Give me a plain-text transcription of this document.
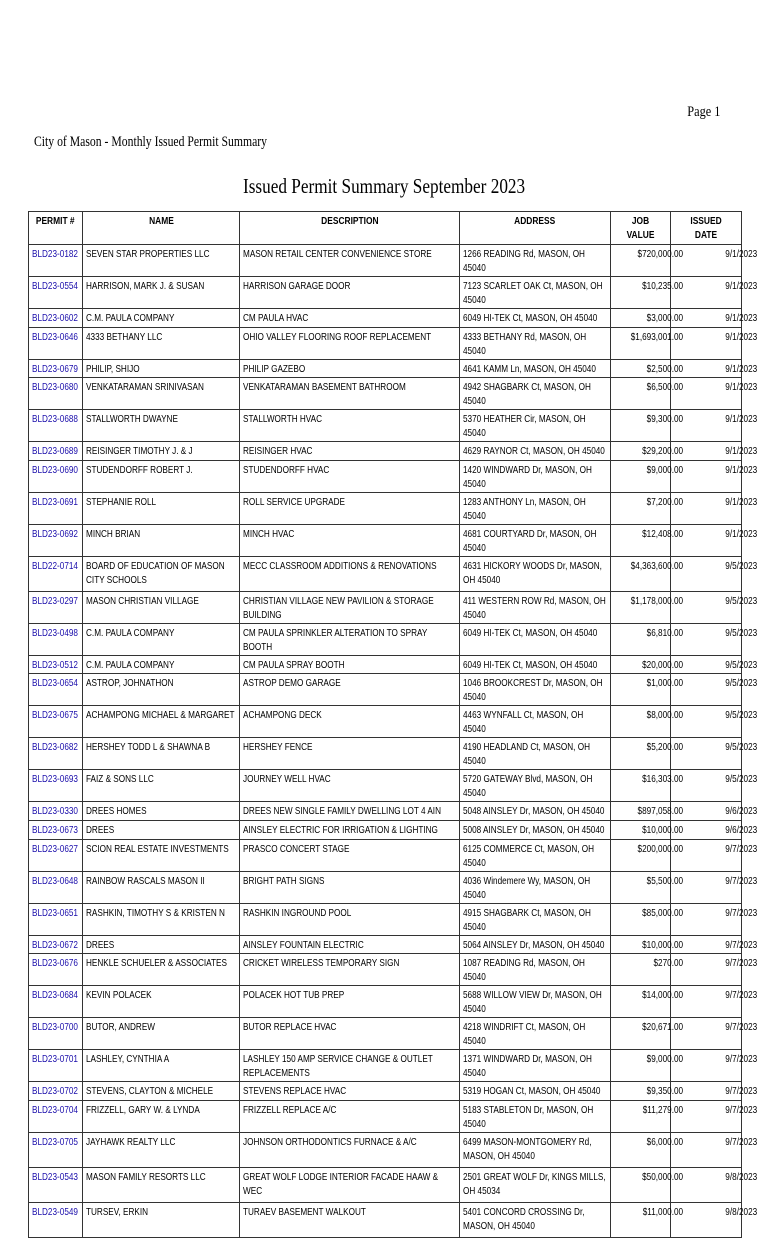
Page 1
City of Mason - Monthly Issued Permit Summary
Issued Permit Summary September 2023
PERMIT #	NAME	DESCRIPTION	ADDRESS	JOB VALUE	ISSUED DATE
BLD23-0182	SEVEN STAR PROPERTIES LLC	MASON RETAIL CENTER CONVENIENCE STORE	1266 READING Rd, MASON, OH 45040	$720,000.00	9/1/2023
BLD23-0554	HARRISON, MARK J. & SUSAN	HARRISON GARAGE DOOR	7123 SCARLET OAK Ct, MASON, OH 45040	$10,235.00	9/1/2023
BLD23-0602	C.M. PAULA COMPANY	CM PAULA HVAC	6049 HI-TEK Ct, MASON, OH 45040	$3,000.00	9/1/2023
BLD23-0646	4333 BETHANY LLC	OHIO VALLEY FLOORING ROOF REPLACEMENT	4333 BETHANY Rd, MASON, OH 45040	$1,693,001.00	9/1/2023
BLD23-0679	PHILIP, SHIJO	PHILIP GAZEBO	4641 KAMM Ln, MASON, OH 45040	$2,500.00	9/1/2023
BLD23-0680	VENKATARAMAN SRINIVASAN	VENKATARAMAN BASEMENT BATHROOM	4942 SHAGBARK Ct, MASON, OH 45040	$6,500.00	9/1/2023
BLD23-0688	STALLWORTH DWAYNE	STALLWORTH HVAC	5370 HEATHER Cir, MASON, OH 45040	$9,300.00	9/1/2023
BLD23-0689	REISINGER TIMOTHY J. & J	REISINGER HVAC	4629 RAYNOR Ct, MASON, OH 45040	$29,200.00	9/1/2023
BLD23-0690	STUDENDORFF ROBERT J.	STUDENDORFF HVAC	1420 WINDWARD Dr, MASON, OH 45040	$9,000.00	9/1/2023
BLD23-0691	STEPHANIE ROLL	ROLL SERVICE UPGRADE	1283 ANTHONY Ln, MASON, OH 45040	$7,200.00	9/1/2023
BLD23-0692	MINCH BRIAN	MINCH HVAC	4681 COURTYARD Dr, MASON, OH 45040	$12,408.00	9/1/2023
BLD22-0714	BOARD OF EDUCATION OF MASON CITY SCHOOLS	MECC CLASSROOM ADDITIONS & RENOVATIONS	4631 HICKORY WOODS Dr, MASON, OH 45040	$4,363,600.00	9/5/2023
BLD23-0297	MASON CHRISTIAN VILLAGE	CHRISTIAN VILLAGE NEW PAVILION & STORAGE BUILDING	411 WESTERN ROW Rd, MASON, OH 45040	$1,178,000.00	9/5/2023
BLD23-0498	C.M. PAULA COMPANY	CM PAULA SPRINKLER ALTERATION TO SPRAY BOOTH	6049 HI-TEK Ct, MASON, OH 45040	$6,810.00	9/5/2023
BLD23-0512	C.M. PAULA COMPANY	CM PAULA SPRAY BOOTH	6049 HI-TEK Ct, MASON, OH 45040	$20,000.00	9/5/2023
BLD23-0654	ASTROP, JOHNATHON	ASTROP DEMO GARAGE	1046 BROOKCREST Dr, MASON, OH 45040	$1,000.00	9/5/2023
BLD23-0675	ACHAMPONG MICHAEL & MARGARET	ACHAMPONG DECK	4463 WYNFALL Ct, MASON, OH 45040	$8,000.00	9/5/2023
BLD23-0682	HERSHEY TODD L & SHAWNA B	HERSHEY FENCE	4190 HEADLAND Ct, MASON, OH 45040	$5,200.00	9/5/2023
BLD23-0693	FAIZ & SONS LLC	JOURNEY WELL HVAC	5720 GATEWAY Blvd, MASON, OH 45040	$16,303.00	9/5/2023
BLD23-0330	DREES HOMES	DREES NEW SINGLE FAMILY DWELLING LOT 4 AIN	5048 AINSLEY Dr, MASON, OH 45040	$897,058.00	9/6/2023
BLD23-0673	DREES	AINSLEY ELECTRIC FOR IRRIGATION & LIGHTING	5008 AINSLEY Dr, MASON, OH 45040	$10,000.00	9/6/2023
BLD23-0627	SCION REAL ESTATE INVESTMENTS	PRASCO CONCERT STAGE	6125 COMMERCE Ct, MASON, OH 45040	$200,000.00	9/7/2023
BLD23-0648	RAINBOW RASCALS MASON II	BRIGHT PATH SIGNS	4036 Windemere Wy, MASON, OH 45040	$5,500.00	9/7/2023
BLD23-0651	RASHKIN, TIMOTHY S & KRISTEN N	RASHKIN INGROUND POOL	4915 SHAGBARK Ct, MASON, OH 45040	$85,000.00	9/7/2023
BLD23-0672	DREES	AINSLEY FOUNTAIN ELECTRIC	5064 AINSLEY Dr, MASON, OH 45040	$10,000.00	9/7/2023
BLD23-0676	HENKLE SCHUELER & ASSOCIATES	CRICKET WIRELESS TEMPORARY SIGN	1087 READING Rd, MASON, OH 45040	$270.00	9/7/2023
BLD23-0684	KEVIN POLACEK	POLACEK HOT TUB PREP	5688 WILLOW VIEW Dr, MASON, OH 45040	$14,000.00	9/7/2023
BLD23-0700	BUTOR, ANDREW	BUTOR REPLACE HVAC	4218 WINDRIFT Ct, MASON, OH 45040	$20,671.00	9/7/2023
BLD23-0701	LASHLEY, CYNTHIA A	LASHLEY 150 AMP SERVICE CHANGE & OUTLET REPLACEMENTS	1371 WINDWARD Dr, MASON, OH 45040	$9,000.00	9/7/2023
BLD23-0702	STEVENS, CLAYTON & MICHELE	STEVENS REPLACE HVAC	5319 HOGAN Ct, MASON, OH 45040	$9,350.00	9/7/2023
BLD23-0704	FRIZZELL, GARY W. & LYNDA	FRIZZELL REPLACE A/C	5183 STABLETON Dr, MASON, OH 45040	$11,279.00	9/7/2023
BLD23-0705	JAYHAWK REALTY LLC	JOHNSON ORTHODONTICS FURNACE & A/C	6499 MASON-MONTGOMERY Rd, MASON, OH 45040	$6,000.00	9/7/2023
BLD23-0543	MASON FAMILY RESORTS LLC	GREAT WOLF LODGE INTERIOR FACADE HAAW & WEC	2501 GREAT WOLF Dr, KINGS MILLS, OH 45034	$50,000.00	9/8/2023
BLD23-0549	TURSEV, ERKIN	TURAEV BASEMENT WALKOUT	5401 CONCORD CROSSING Dr, MASON, OH 45040	$11,000.00	9/8/2023
